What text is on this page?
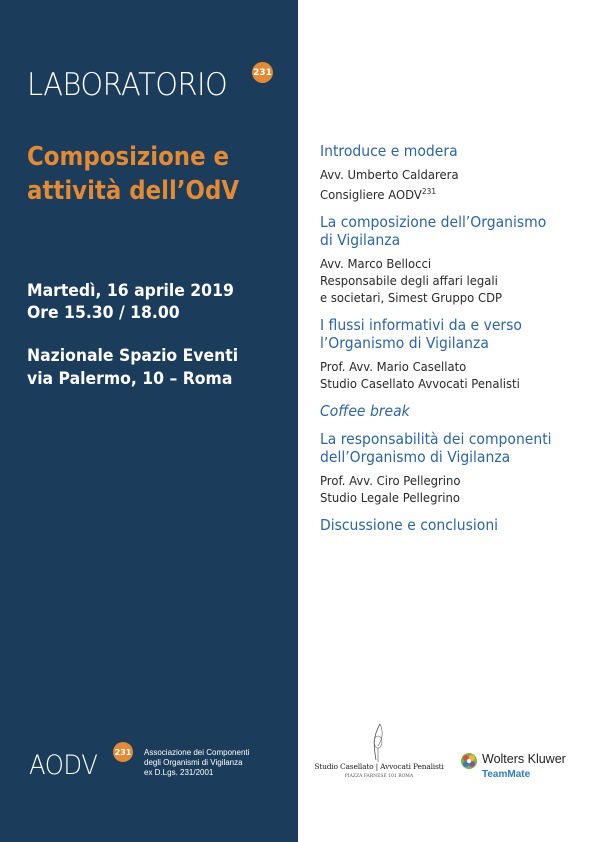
LABORATORIO	231
Composizione e
attività dell’OdV
Martedì, 16 aprile 2019
Ore 15.30 / 18.00
Nazionale Spazio Eventi
via Palermo, 10 – Roma
AODV 231 Associazione dei Componenti
degli Organismi di Vigilanza
ex D.Lgs. 231/2001
Introduce e modera
Avv. Umberto Caldarera
Consigliere AODV$^{231}$
La composizione dell’Organismo
di Vigilanza
Avv. Marco Bellocci
Responsabile degli affari legali
e societari, Simest Gruppo CDP
I flussi informativi da e verso
l’Organismo di Vigilanza
Prof. Avv. Mario Casellato
Studio Casellato Avvocati Penalisti
Coffee break
La responsabilità dei componenti
dell’Organismo di Vigilanza
Prof. Avv. Ciro Pellegrino
Studio Legale Pellegrino
Discussione e conclusioni
Studio Casellato | Avvocati Penalisti
PIAZZA FARNESE 101 ROMA
Wolters Kluwer
TeamMate
